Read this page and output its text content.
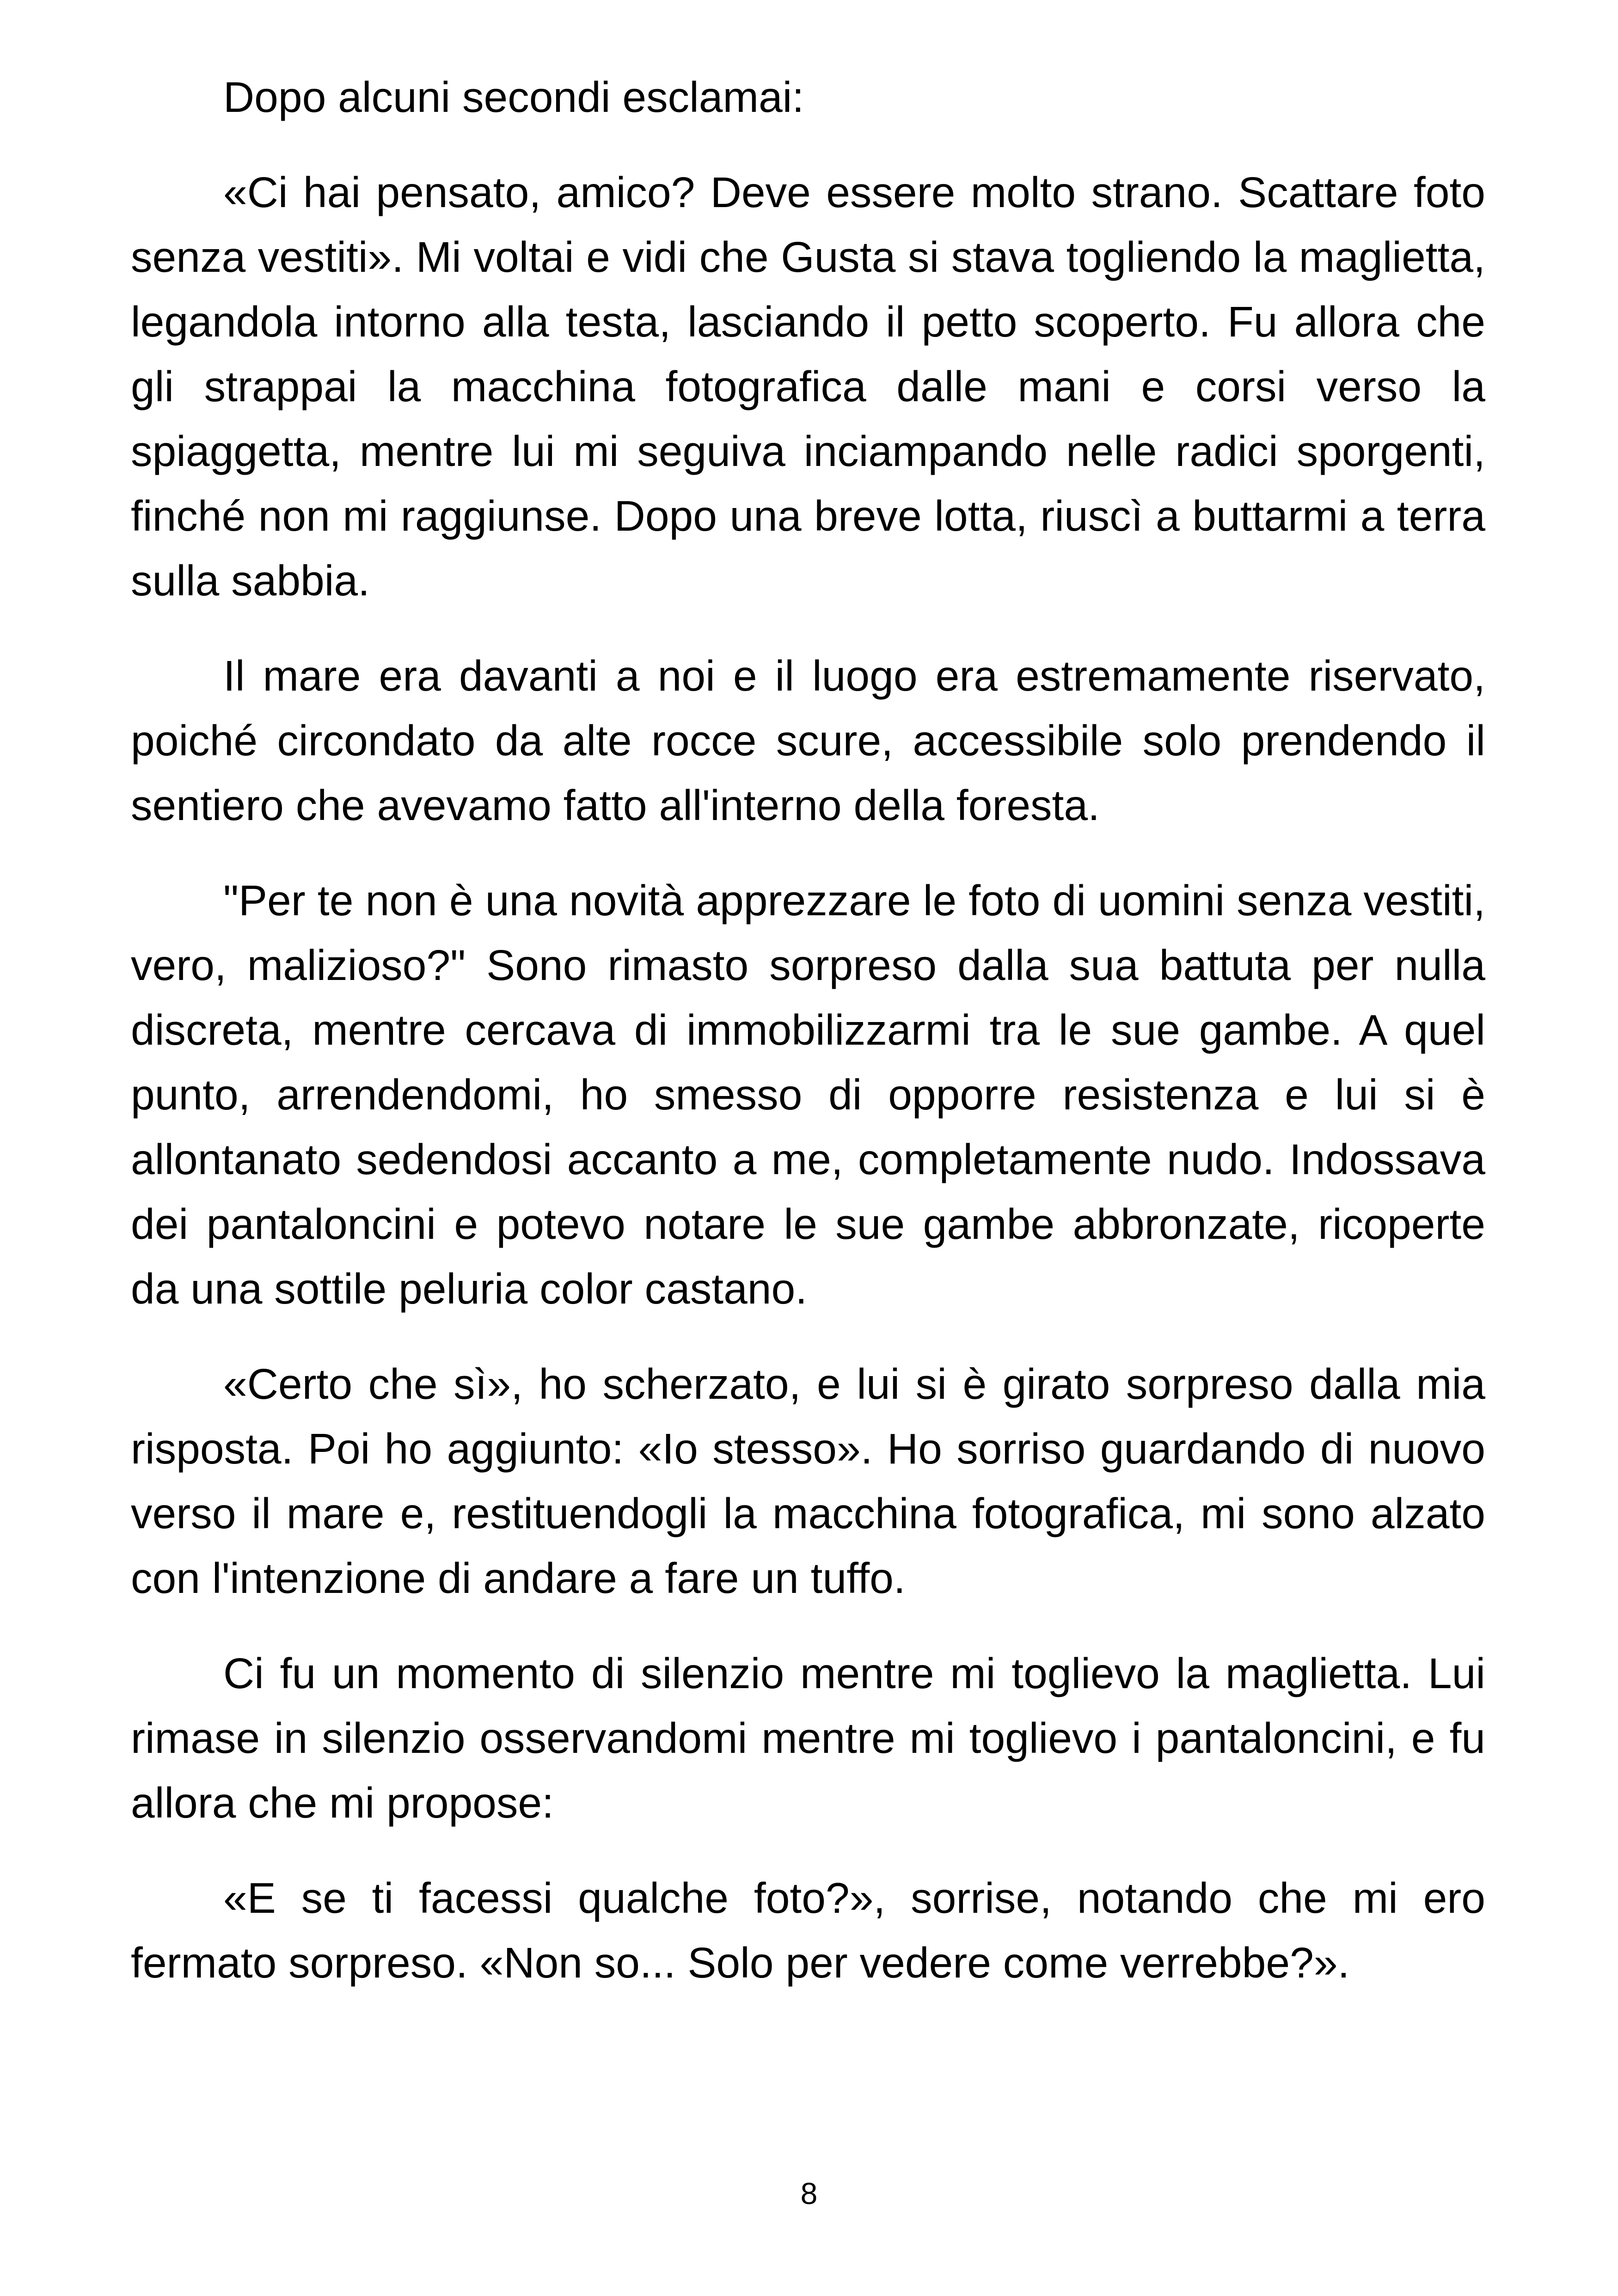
Dopo alcuni secondi esclamai:

«Ci hai pensato, amico? Deve essere molto strano. Scattare foto senza vestiti». Mi voltai e vidi che Gusta si stava togliendo la maglietta, legandola intorno alla testa, lasciando il petto scoperto. Fu allora che gli strappai la macchina fotografica dalle mani e corsi verso la spiaggetta, mentre lui mi seguiva inciampando nelle radici sporgenti, finché non mi raggiunse. Dopo una breve lotta, riuscì a buttarmi a terra sulla sabbia.

Il mare era davanti a noi e il luogo era estremamente riservato, poiché circondato da alte rocce scure, accessibile solo prendendo il sentiero che avevamo fatto all'interno della foresta.

"Per te non è una novità apprezzare le foto di uomini senza vestiti, vero, malizioso?" Sono rimasto sorpreso dalla sua battuta per nulla discreta, mentre cercava di immobilizzarmi tra le sue gambe. A quel punto, arrendendomi, ho smesso di opporre resistenza e lui si è allontanato sedendosi accanto a me, completamente nudo. Indossava dei pantaloncini e potevo notare le sue gambe abbronzate, ricoperte da una sottile peluria color castano.

«Certo che sì», ho scherzato, e lui si è girato sorpreso dalla mia risposta. Poi ho aggiunto: «Io stesso». Ho sorriso guardando di nuovo verso il mare e, restituendogli la macchina fotografica, mi sono alzato con l'intenzione di andare a fare un tuffo.

Ci fu un momento di silenzio mentre mi toglievo la maglietta. Lui rimase in silenzio osservandomi mentre mi toglievo i pantaloncini, e fu allora che mi propose:

«E se ti facessi qualche foto?», sorrise, notando che mi ero fermato sorpreso. «Non so... Solo per vedere come verrebbe?».

8
